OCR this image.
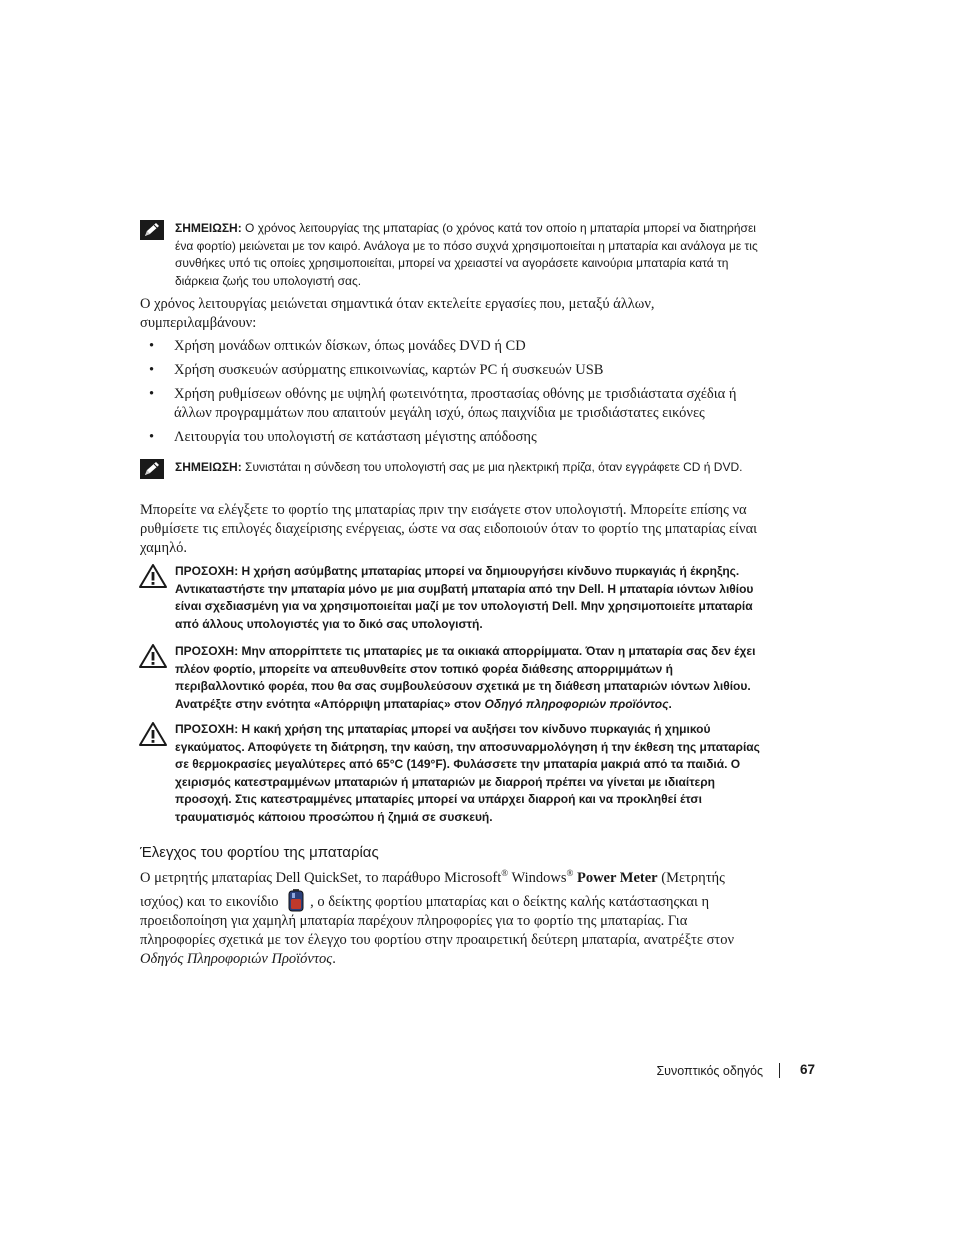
ΣΗΜΕΙΩΣΗ: Ο χρόνος λειτουργίας της μπαταρίας (ο χρόνος κατά τον οποίο η μπαταρία μπορεί να διατηρήσει ένα φορτίο) μειώνεται με τον καιρό. Ανάλογα με το πόσο συχνά χρησιμοποιείται η μπαταρία και ανάλογα με τις συνθήκες υπό τις οποίες χρησιμοποιείται, μπορεί να χρειαστεί να αγοράσετε καινούρια μπαταρία κατά τη διάρκεια ζωής του υπολογιστή σας.
Ο χρόνος λειτουργίας μειώνεται σημαντικά όταν εκτελείτε εργασίες που, μεταξύ άλλων, συμπεριλαμβάνουν:
• Χρήση μονάδων οπτικών δίσκων, όπως μονάδες DVD ή CD
• Χρήση συσκευών ασύρματης επικοινωνίας, καρτών PC ή συσκευών USB
• Χρήση ρυθμίσεων οθόνης με υψηλή φωτεινότητα, προστασίας οθόνης με τρισδιάστατα σχέδια ή άλλων προγραμμάτων που απαιτούν μεγάλη ισχύ, όπως παιχνίδια με τρισδιάστατες εικόνες
• Λειτουργία του υπολογιστή σε κατάσταση μέγιστης απόδοσης
ΣΗΜΕΙΩΣΗ: Συνιστάται η σύνδεση του υπολογιστή σας με μια ηλεκτρική πρίζα, όταν εγγράφετε CD ή DVD.
Μπορείτε να ελέγξετε το φορτίο της μπαταρίας πριν την εισάγετε στον υπολογιστή. Μπορείτε επίσης να ρυθμίσετε τις επιλογές διαχείρισης ενέργειας, ώστε να σας ειδοποιούν όταν το φορτίο της μπαταρίας είναι χαμηλό.
ΠΡΟΣΟΧΗ: Η χρήση ασύμβατης μπαταρίας μπορεί να δημιουργήσει κίνδυνο πυρκαγιάς ή έκρηξης. Αντικαταστήστε την μπαταρία μόνο με μια συμβατή μπαταρία από την Dell. Η μπαταρία ιόντων λιθίου είναι σχεδιασμένη για να χρησιμοποιείται μαζί με τον υπολογιστή Dell. Μην χρησιμοποιείτε μπαταρία από άλλους υπολογιστές για το δικό σας υπολογιστή.
ΠΡΟΣΟΧΗ: Μην απορρίπτετε τις μπαταρίες με τα οικιακά απορρίμματα. Όταν η μπαταρία σας δεν έχει πλέον φορτίο, μπορείτε να απευθυνθείτε στον τοπικό φορέα διάθεσης απορριμμάτων ή περιβαλλοντικό φορέα, που θα σας συμβουλεύσουν σχετικά με τη διάθεση μπαταριών ιόντων λιθίου. Ανατρέξτε στην ενότητα «Απόρριψη μπαταρίας» στον Οδηγό πληροφοριών προϊόντος.
ΠΡΟΣΟΧΗ: Η κακή χρήση της μπαταρίας μπορεί να αυξήσει τον κίνδυνο πυρκαγιάς ή χημικού εγκαύματος. Αποφύγετε τη διάτρηση, την καύση, την αποσυναρμολόγηση ή την έκθεση της μπαταρίας σε θερμοκρασίες μεγαλύτερες από 65°C (149°F). Φυλάσσετε την μπαταρία μακριά από τα παιδιά. Ο χειρισμός κατεστραμμένων μπαταριών ή μπαταριών με διαρροή πρέπει να γίνεται με ιδιαίτερη προσοχή. Στις κατεστραμμένες μπαταρίες μπορεί να υπάρχει διαρροή και να προκληθεί έτσι τραυματισμός κάποιου προσώπου ή ζημιά σε συσκευή.
Έλεγχος του φορτίου της μπαταρίας
Ο μετρητής μπαταρίας Dell QuickSet, το παράθυρο Microsoft® Windows® Power Meter (Μετρητής ισχύος) και το εικονίδιο , ο δείκτης φορτίου μπαταρίας και ο δείκτης καλής κατάστασηςκαι η προειδοποίηση για χαμηλή μπαταρία παρέχουν πληροφορίες για το φορτίο της μπαταρίας. Για πληροφορίες σχετικά με τον έλεγχο του φορτίου στην προαιρετική δεύτερη μπαταρία, ανατρέξτε στον Οδηγός Πληροφοριών Προϊόντος.
Συνοπτικός οδηγός	67
